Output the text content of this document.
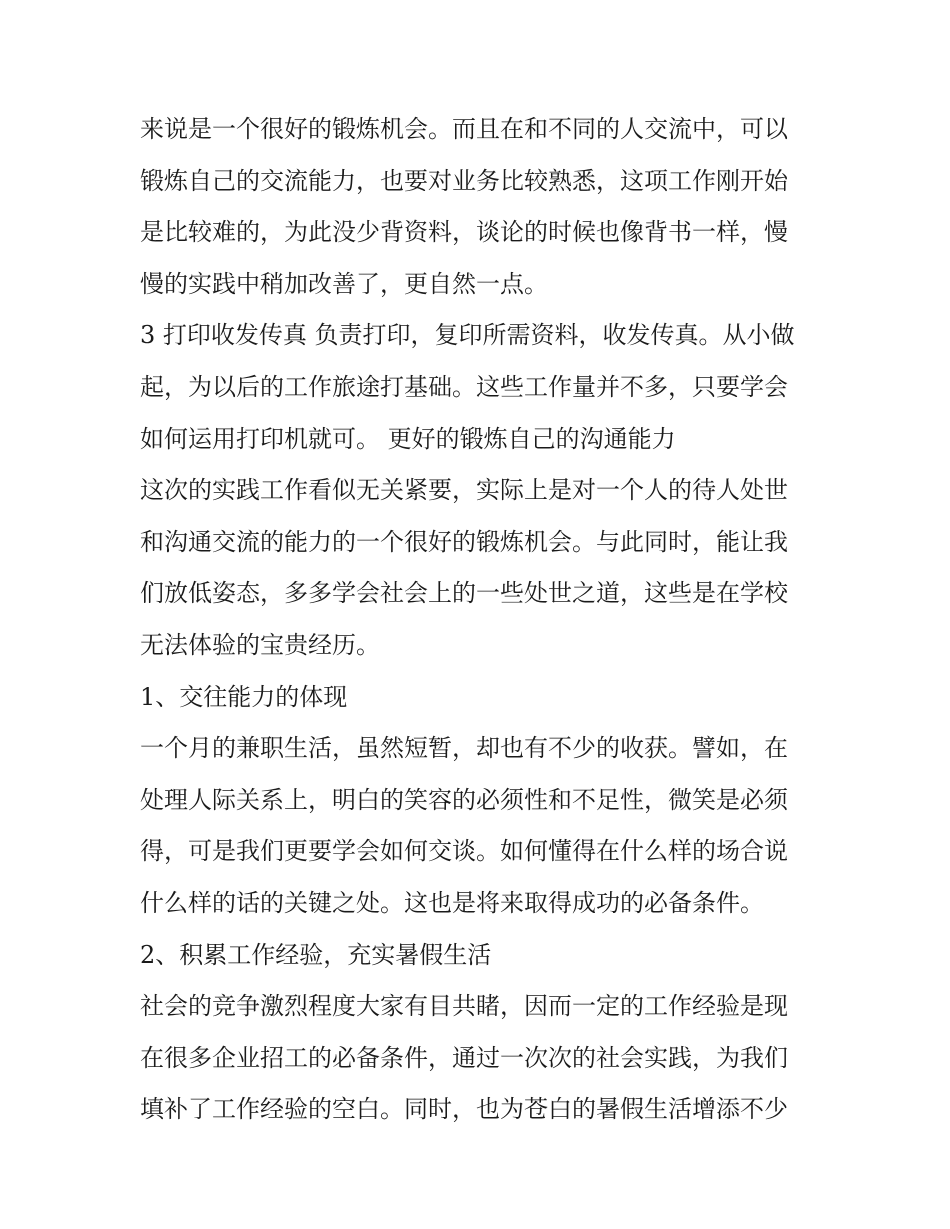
来说是一个很好的锻炼机会。而且在和不同的人交流中，可以
锻炼自己的交流能力，也要对业务比较熟悉，这项工作刚开始
是比较难的，为此没少背资料，谈论的时候也像背书一样，慢
慢的实践中稍加改善了，更自然一点。
3 打印收发传真 负责打印，复印所需资料，收发传真。从小做
起，为以后的工作旅途打基础。这些工作量并不多，只要学会
如何运用打印机就可。 更好的锻炼自己的沟通能力
这次的实践工作看似无关紧要，实际上是对一个人的待人处世
和沟通交流的能力的一个很好的锻炼机会。与此同时，能让我
们放低姿态，多多学会社会上的一些处世之道，这些是在学校
无法体验的宝贵经历。
1、交往能力的体现
一个月的兼职生活，虽然短暂，却也有不少的收获。譬如，在
处理人际关系上，明白的笑容的必须性和不足性，微笑是必须
得，可是我们更要学会如何交谈。如何懂得在什么样的场合说
什么样的话的关键之处。这也是将来取得成功的必备条件。
2、积累工作经验，充实暑假生活
社会的竞争激烈程度大家有目共睹，因而一定的工作经验是现
在很多企业招工的必备条件，通过一次次的社会实践，为我们
填补了工作经验的空白。同时，也为苍白的暑假生活增添不少
